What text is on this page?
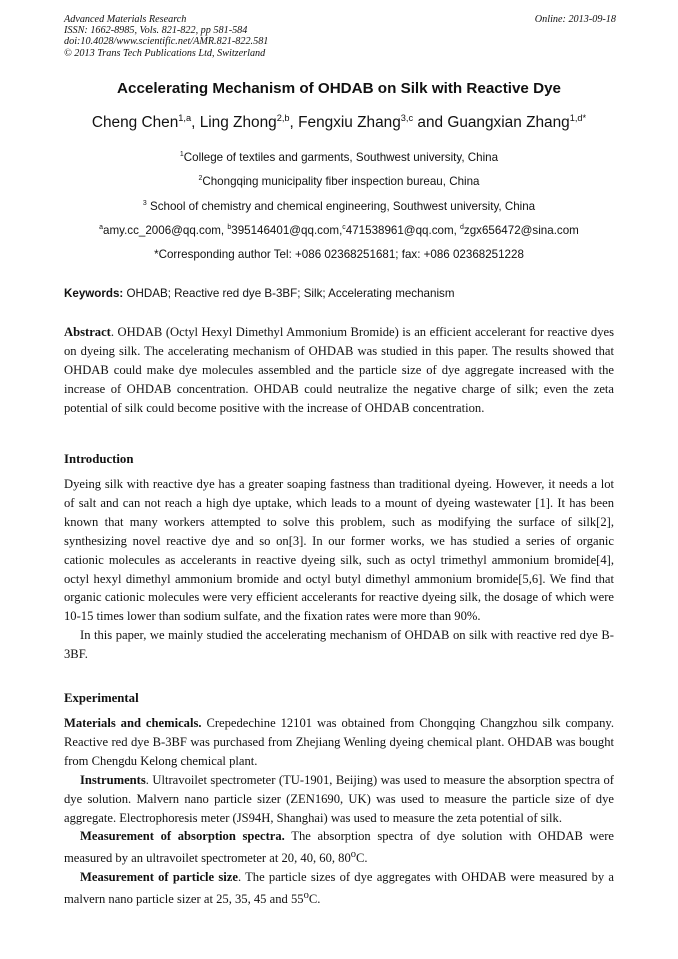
Advanced Materials Research
ISSN: 1662-8985, Vols. 821-822, pp 581-584
doi:10.4028/www.scientific.net/AMR.821-822.581
© 2013 Trans Tech Publications Ltd, Switzerland
Online: 2013-09-18
Accelerating Mechanism of OHDAB on Silk with Reactive Dye
Cheng Chen$^{1,a}$, Ling Zhong$^{2,b}$, Fengxiu Zhang$^{3,c}$ and Guangxian Zhang$^{1,d*}$
$^1$College of textiles and garments, Southwest university, China
$^2$Chongqing municipality fiber inspection bureau, China
$^3$ School of chemistry and chemical engineering, Southwest university, China
$^a$amy.cc_2006@qq.com, $^b$395146401@qq.com,$^c$471538961@qq.com, $^d$zgx656472@sina.com
*Corresponding author Tel: +086 02368251681; fax: +086 02368251228
Keywords: OHDAB; Reactive red dye B-3BF; Silk; Accelerating mechanism

Abstract. OHDAB (Octyl Hexyl Dimethyl Ammonium Bromide) is an efficient accelerant for reactive dyes on dyeing silk. The accelerating mechanism of OHDAB was studied in this paper. The results showed that OHDAB could make dye molecules assembled and the particle size of dye aggregate increased with the increase of OHDAB concentration. OHDAB could neutralize the negative charge of silk; even the zeta potential of silk could become positive with the increase of OHDAB concentration.

Introduction

Dyeing silk with reactive dye has a greater soaping fastness than traditional dyeing. However, it needs a lot of salt and can not reach a high dye uptake, which leads to a mount of dyeing wastewater [1]. It has been known that many workers attempted to solve this problem, such as modifying the surface of silk[2], synthesizing novel reactive dye and so on[3]. In our former works, we has studied a series of organic cationic molecules as accelerants in reactive dyeing silk, such as octyl trimethyl ammonium bromide[4], octyl hexyl dimethyl ammonium bromide and octyl butyl dimethyl ammonium bromide[5,6]. We find that organic cationic molecules were very efficient accelerants for reactive dyeing silk, the dosage of which were 10-15 times lower than sodium sulfate, and the fixation rates were more than 90%.

In this paper, we mainly studied the accelerating mechanism of OHDAB on silk with reactive red dye B-3BF.

Experimental

Materials and chemicals. Crepedechine 12101 was obtained from Chongqing Changzhou silk company. Reactive red dye B-3BF was purchased from Zhejiang Wenling dyeing chemical plant. OHDAB was bought from Chengdu Kelong chemical plant.

Instruments. Ultravoilet spectrometer (TU-1901, Beijing) was used to measure the absorption spectra of dye solution. Malvern nano particle sizer (ZEN1690, UK) was used to measure the particle size of dye aggregate. Electrophoresis meter (JS94H, Shanghai) was used to measure the zeta potential of silk.

Measurement of absorption spectra. The absorption spectra of dye solution with OHDAB were measured by an ultravoilet spectrometer at 20, 40, 60, 80$^o$C.

Measurement of particle size. The particle sizes of dye aggregates with OHDAB were measured by a malvern nano particle sizer at 25, 35, 45 and 55$^o$C.
